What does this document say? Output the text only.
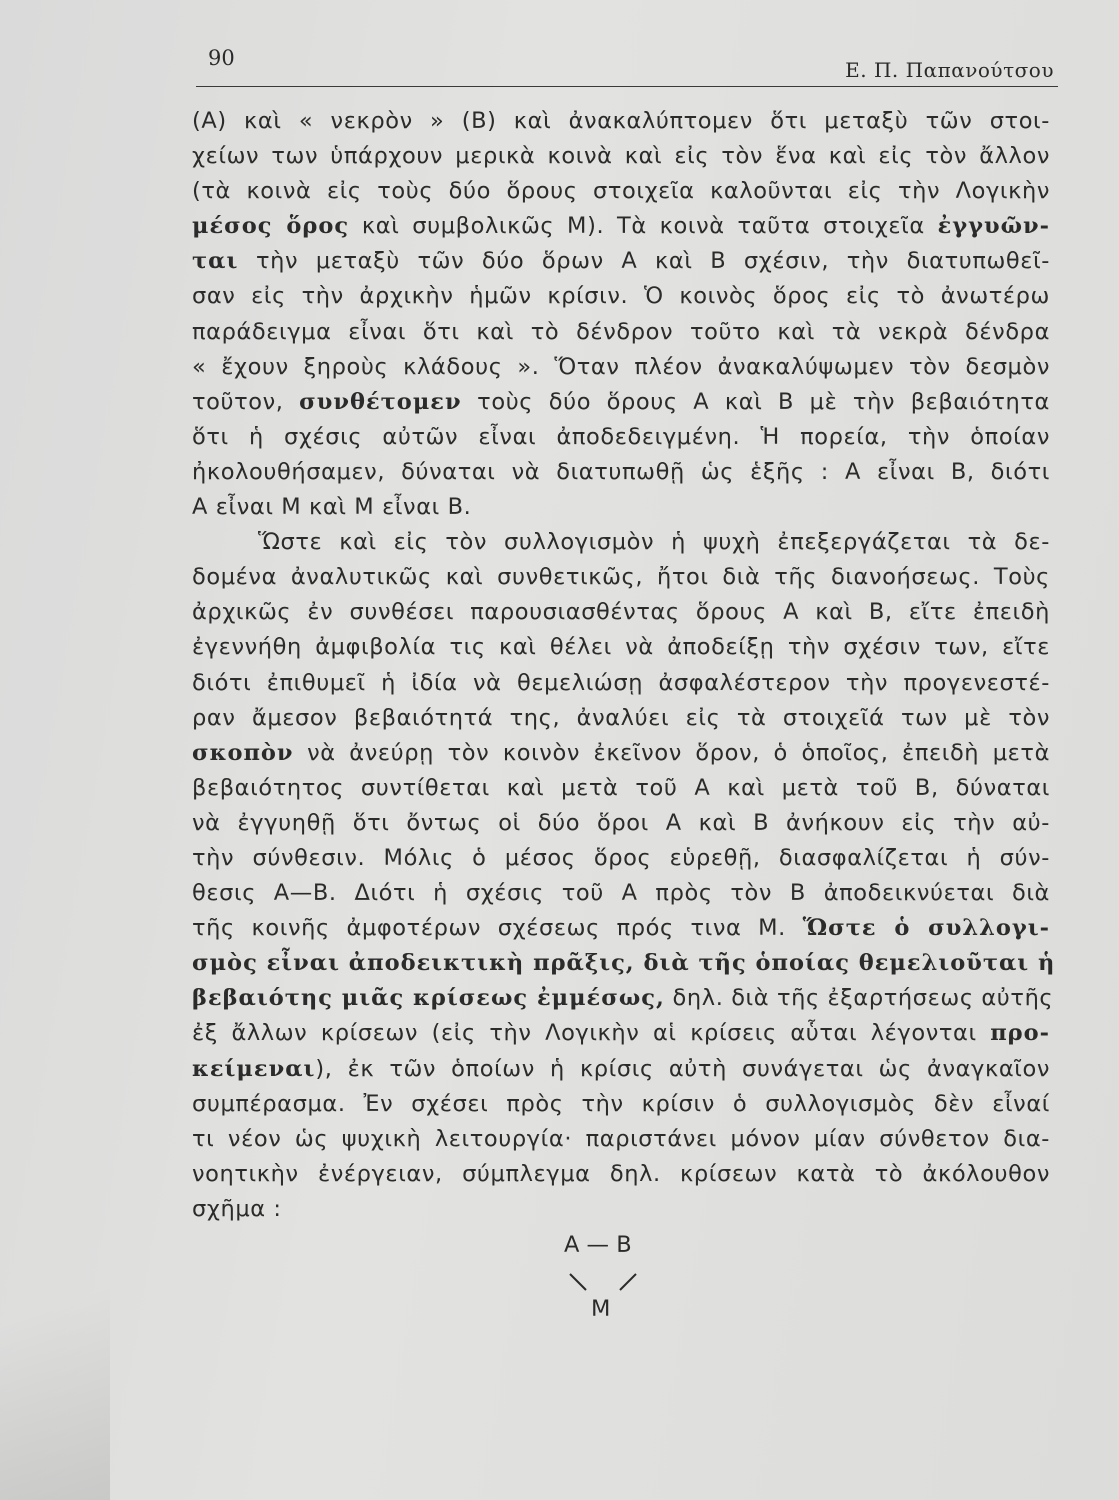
90	Ε. Π. Παπανούτσου
(Α) καὶ « νεκρὸν » (Β) καὶ ἀνακαλύπτομεν ὅτι μεταξὺ τῶν στοι-
χείων των ὑπάρχουν μερικὰ κοινὰ καὶ εἰς τὸν ἕνα καὶ εἰς τὸν ἄλλον
(τὰ κοινὰ εἰς τοὺς δύο ὅρους στοιχεῖα καλοῦνται εἰς τὴν Λογικὴν
μέσος ὅρος καὶ συμβολικῶς Μ). Τὰ κοινὰ ταῦτα στοιχεῖα ἐγγυῶν-
ται τὴν μεταξὺ τῶν δύο ὅρων Α καὶ Β σχέσιν, τὴν διατυπωθεῖ-
σαν εἰς τὴν ἀρχικὴν ἡμῶν κρίσιν. Ὁ κοινὸς ὅρος εἰς τὸ ἀνωτέρω
παράδειγμα εἶναι ὅτι καὶ τὸ δένδρον τοῦτο καὶ τὰ νεκρὰ δένδρα
« ἔχουν ξηροὺς κλάδους ». Ὅταν πλέον ἀνακαλύψωμεν τὸν δεσμὸν
τοῦτον, συνθέτομεν τοὺς δύο ὅρους Α καὶ Β μὲ τὴν βεβαιότητα
ὅτι ἡ σχέσις αὐτῶν εἶναι ἀποδεδειγμένη. Ἡ πορεία, τὴν ὁποίαν
ἠκολουθήσαμεν, δύναται νὰ διατυπωθῇ ὡς ἑξῆς : Α εἶναι Β, διότι
Α εἶναι Μ καὶ Μ εἶναι Β.
Ὥστε καὶ εἰς τὸν συλλογισμὸν ἡ ψυχὴ ἐπεξεργάζεται τὰ δε-
δομένα ἀναλυτικῶς καὶ συνθετικῶς, ἤτοι διὰ τῆς διανοήσεως. Τοὺς
ἀρχικῶς ἐν συνθέσει παρουσιασθέντας ὅρους Α καὶ Β, εἴτε ἐπειδὴ
ἐγεννήθη ἀμφιβολία τις καὶ θέλει νὰ ἀποδείξῃ τὴν σχέσιν των, εἴτε
διότι ἐπιθυμεῖ ἡ ἰδία νὰ θεμελιώσῃ ἀσφαλέστερον τὴν προγενεστέ-
ραν ἄμεσον βεβαιότητά της, ἀναλύει εἰς τὰ στοιχεῖά των μὲ τὸν
σκοπὸν νὰ ἀνεύρῃ τὸν κοινὸν ἐκεῖνον ὅρον, ὁ ὁποῖος, ἐπειδὴ μετὰ
βεβαιότητος συντίθεται καὶ μετὰ τοῦ Α καὶ μετὰ τοῦ Β, δύναται
νὰ ἐγγυηθῇ ὅτι ὄντως οἱ δύο ὅροι Α καὶ Β ἀνήκουν εἰς τὴν αὐ-
τὴν σύνθεσιν. Μόλις ὁ μέσος ὅρος εὑρεθῇ, διασφαλίζεται ἡ σύν-
θεσις Α—Β. Διότι ἡ σχέσις τοῦ Α πρὸς τὸν Β ἀποδεικνύεται διὰ
τῆς κοινῆς ἀμφοτέρων σχέσεως πρός τινα Μ. Ὥστε ὁ συλλογι-
σμὸς εἶναι ἀποδεικτικὴ πρᾶξις, διὰ τῆς ὁποίας θεμελιοῦται ἡ
βεβαιότης μιᾶς κρίσεως ἐμμέσως, δηλ. διὰ τῆς ἐξαρτήσεως αὐτῆς
ἐξ ἄλλων κρίσεων (εἰς τὴν Λογικὴν αἱ κρίσεις αὗται λέγονται προ-
κείμεναι), ἐκ τῶν ὁποίων ἡ κρίσις αὐτὴ συνάγεται ὡς ἀναγκαῖον
συμπέρασμα. Ἐν σχέσει πρὸς τὴν κρίσιν ὁ συλλογισμὸς δὲν εἶναί
τι νέον ὡς ψυχικὴ λειτουργία· παριστάνει μόνον μίαν σύνθετον δια-
νοητικὴν ἐνέργειαν, σύμπλεγμα δηλ. κρίσεων κατὰ τὸ ἀκόλουθον
σχῆμα :
Α — Β
Μ
